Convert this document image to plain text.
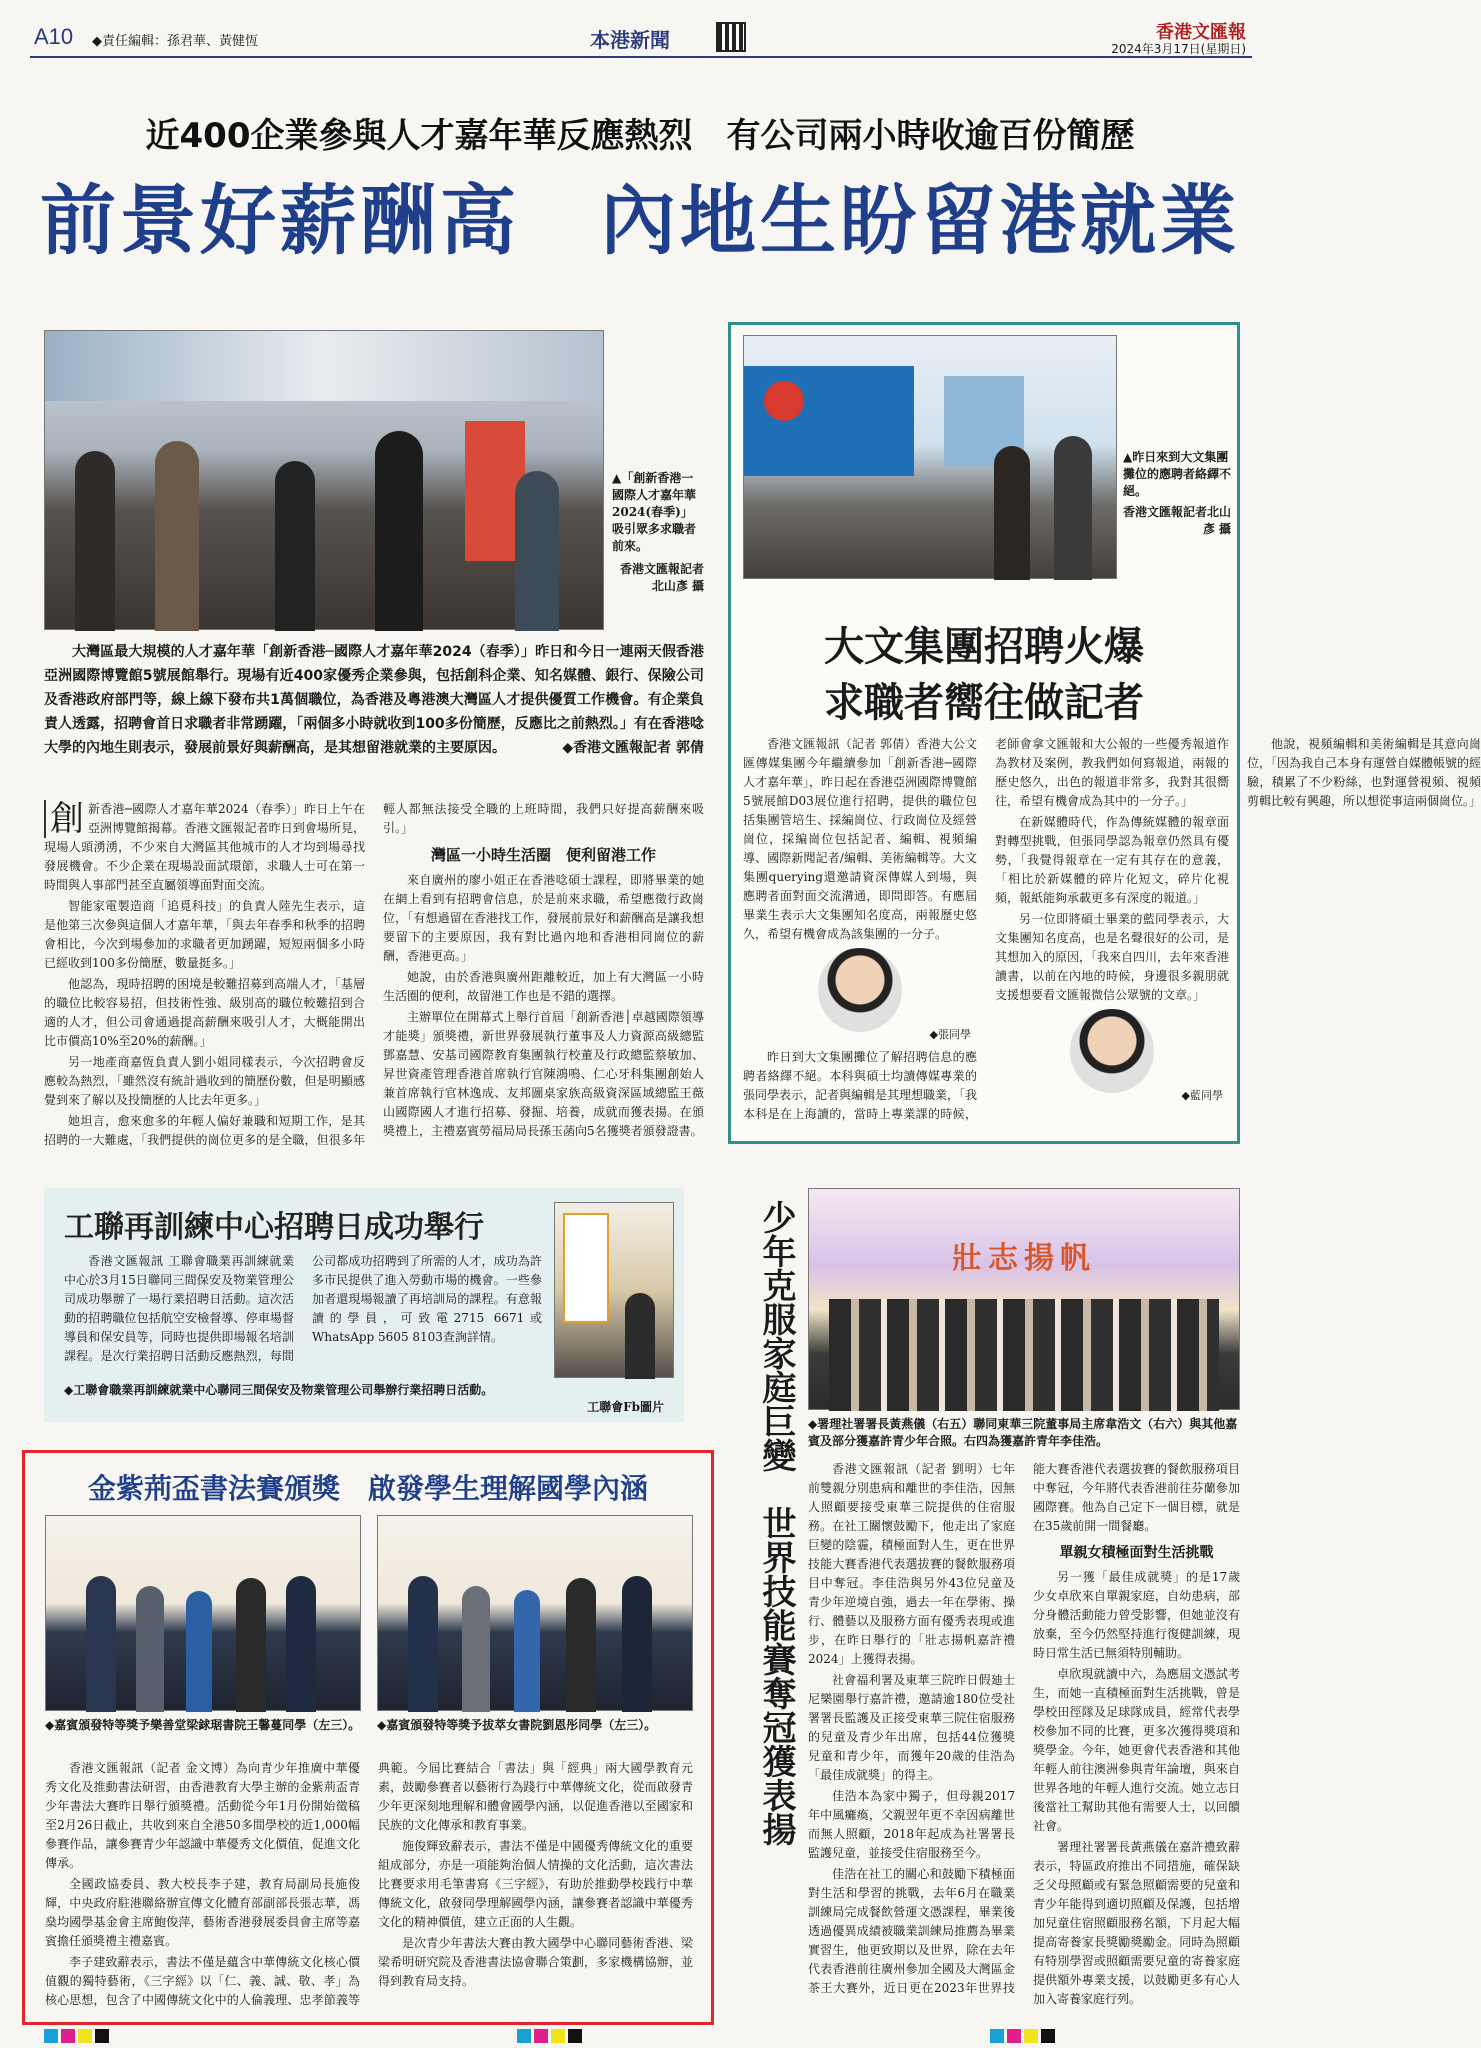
A10 ◆責任編輯：孫君華、黃健恆	本港新聞	香港文匯報
2024年3月17日(星期日)
近400企業參與人才嘉年華反應熱烈　有公司兩小時收逾百份簡歷
前景好薪酬高　內地生盼留港就業
▲「創新香港一國際人才嘉年華2024(春季)」吸引眾多求職者前來。
香港文匯報記者北山彥 攝
大灣區最大規模的人才嘉年華「創新香港─國際人才嘉年華2024（春季）」昨日和今日一連兩天假香港亞洲國際博覽館5號展館舉行。現場有近400家優秀企業參與，包括創科企業、知名媒體、銀行、保險公司及香港政府部門等，線上線下發布共1萬個職位，為香港及粵港澳大灣區人才提供優質工作機會。有企業負責人透露，招聘會首日求職者非常踴躍，「兩個多小時就收到100多份簡歷，反應比之前熱烈。」有在香港唸大學的內地生則表示，發展前景好與薪酬高，是其想留港就業的主要原因。	◆香港文匯報記者 郭倩

創 新香港─國際人才嘉年華2024（春季）」昨日上午在亞洲博覽館揭幕。香港文匯報記者昨日到會場所見，現場人頭湧湧，不少來自大灣區其他城市的人才均到場尋找發展機會。不少企業在現場設面試環節，求職人士可在第一時間與人事部門甚至直屬領導面對面交流。

智能家電製造商「追覓科技」的負責人陸先生表示，這是他第三次參與這個人才嘉年華，「與去年春季和秋季的招聘會相比，今次到場參加的求職者更加踴躍，短短兩個多小時已經收到100多份簡歷，數量挺多。」

他認為，現時招聘的困境是較難招募到高端人才，「基層的職位比較容易招，但技術性強、級別高的職位較難招到合適的人才，但公司會通過提高薪酬來吸引人才，大概能開出比市價高10%至20%的薪酬。」

另一地產商嘉恆負責人劉小姐同樣表示，今次招聘會反應較為熱烈，「雖然沒有統計過收到的簡歷份數，但是明顯感覺到來了解以及投簡歷的人比去年更多。」

她坦言，愈來愈多的年輕人偏好兼職和短期工作，是其招聘的一大難處，「我們提供的崗位更多的是全職，但很多年輕人都無法接受全職的上班時間，我們只好提高薪酬來吸引。」

灣區一小時生活圈　便利留港工作

來自廣州的廖小姐正在香港唸碩士課程，即將畢業的她在網上看到有招聘會信息，於是前來求職，希望應徵行政崗位，「有想過留在香港找工作，發展前景好和薪酬高是讓我想要留下的主要原因，我有對比過內地和香港相同崗位的薪酬，香港更高。」

她說，由於香港與廣州距離較近，加上有大灣區一小時生活圈的便利，故留港工作也是不錯的選擇。

主辦單位在開幕式上舉行首屆「創新香港│卓越國際領導才能獎」頒獎禮，新世界發展執行董事及人力資源高級總監鄧嘉慧、安基司國際教育集團執行校董及行政總監蔡敏加、昇世資產管理香港首席執行官陳鴻鳴、仁心牙科集團創始人兼首席執行官林逸成、友邦圖桌家族高級資深區域總監王薇山國際國人才進行招募、發掘、培養，成就而獲表揚。在頒獎禮上，主禮嘉賓勞福局局長孫玉菡向5名獲獎者頒發證書。

▲昨日來到大文集團攤位的應聘者絡繹不絕。
香港文匯報記者北山彥 攝
大文集團招聘火爆
求職者嚮往做記者

香港文匯報訊（記者 郭倩）香港大公文匯傳媒集團今年繼續參加「創新香港─國際人才嘉年華」，昨日起在香港亞洲國際博覽館5號展館D03展位進行招聘，提供的職位包括集團管培生、採編崗位、行政崗位及經營崗位，採編崗位包括記者、編輯、視頻編導、國際新聞記者/編輯、美術編輯等。大文集團querying還邀請資深傳媒人到場，與應聘者面對面交流溝通，即問即答。有應屆畢業生表示大文集團知名度高，兩報歷史悠久，希望有機會成為該集團的一分子。

◆張同學

昨日到大文集團攤位了解招聘信息的應聘者絡繹不絕。本科與碩士均讀傳媒專業的張同學表示，記者與編輯是其理想職業，「我本科是在上海讀的，當時上專業課的時候，老師會拿文匯報和大公報的一些優秀報道作為教材及案例，教我們如何寫報道，兩報的歷史悠久，出色的報道非常多，我對其很嚮往，希望有機會成為其中的一分子。」

在新媒體時代，作為傳統媒體的報章面對轉型挑戰，但張同學認為報章仍然具有優勢，「我覺得報章在一定有其存在的意義，「相比於新媒體的碎片化短文，碎片化視頻，報紙能夠承載更多有深度的報道。」

另一位即將碩士畢業的藍同學表示，大文集團知名度高，也是名聲很好的公司，是其想加入的原因，「我來自四川，去年來香港讀書，以前在內地的時候，身邊很多親朋就支援想要看文匯報微信公眾號的文章。」

◆藍同學

他說，視頻編輯和美術編輯是其意向崗位，「因為我自己本身有運營自媒體帳號的經驗，積累了不少粉絲，也對運營視頻、視頻剪輯比較有興趣，所以想從事這兩個崗位。」

工聯再訓練中心招聘日成功舉行

香港文匯報訊 工聯會職業再訓練就業中心於3月15日聯同三間保安及物業管理公司成功舉辦了一場行業招聘日活動。這次活動的招聘職位包括航空安檢督導、停車場督導員和保安員等，同時也提供即場報名培訓課程。是次行業招聘日活動反應熱烈，每間公司都成功招聘到了所需的人才，成功為許多市民提供了進入勞動市場的機會。一些參加者還現場報讀了再培訓局的課程。有意報讀的學員，可致電2715 6671或WhatsApp 5605 8103查詢詳情。

◆工聯會職業再訓練就業中心聯同三間保安及物業管理公司舉辦行業招聘日活動。
工聯會Fb圖片
金紫荊盃書法賽頒獎　啟發學生理解國學內涵
◆嘉賓頒發特等獎予樂善堂梁銶琚書院王馨蔓同學（左三）。 ◆嘉賓頒發特等獎予拔萃女書院劉恩彤同學（左三）。

香港文匯報訊（記者 金文博）為向青少年推廣中華優秀文化及推動書法研習，由香港教育大學主辦的金紫荊盃青少年書法大賽昨日舉行頒獎禮。活動從今年1月份開始徵稿至2月26日截止，共收到來自全港50多間學校的近1,000幅參賽作品，讓參賽青少年認識中華優秀文化價值，促進文化傳承。

全國政協委員、教大校長李子建，教育局副局長施俊輝，中央政府駐港聯絡辦宣傳文化體育部副部長張志華，馮燊均國學基金會主席鮑俊萍，藝術香港發展委員會主席等嘉賓擔任頒獎禮主禮嘉賓。

李子建致辭表示，書法不僅是蘊含中華傳統文化核心價值觀的獨特藝術，《三字經》以「仁、義、誠、敬、孝」為核心思想，包含了中國傳統文化中的人倫義理、忠孝節義等典範。今屆比賽結合「書法」與「經典」兩大國學教育元素，鼓勵參賽者以藝術行為踐行中華傳統文化，從而啟發青少年更深刻地理解和體會國學內涵，以促進香港以至國家和民族的文化傳承和教育事業。

施俊輝致辭表示，書法不僅是中國優秀傳統文化的重要組成部分，亦是一項能夠治個人情操的文化活動，這次書法比賽要求用毛筆書寫《三字經》，有助於推動學校践行中華傳統文化，啟發同學理解國學內涵，讓參賽者認識中華優秀文化的精神價值，建立正面的人生觀。

是次青少年書法大賽由教大國學中心聯同藝術香港、梁梁希明研究院及香港書法協會聯合策劃，多家機構協辦，並得到教育局支持。

少年克服家庭巨變　世界技能賽奪冠獲表揚	壯志揚帆
◆署理社署署長黃燕儀（右五）聯同東華三院董事局主席韋浩文（右六）與其他嘉賓及部分獲嘉許青少年合照。右四為獲嘉許青年李佳浩。

香港文匯報訊（記者 劉明）七年前雙親分別患病和離世的李佳浩，因無人照顧要接受東華三院提供的住宿服務。在社工關懷鼓勵下，他走出了家庭巨變的陰霾，積極面對人生，更在世界技能大賽香港代表選拔賽的餐飲服務項目中奪冠。李佳浩與另外43位兒童及青少年逆境自強，過去一年在學術、操行、體藝以及服務方面有優秀表現或進步，在昨日舉行的「壯志揚帆嘉許禮2024」上獲得表揚。

社會福利署及東華三院昨日假廸士尼樂園舉行嘉許禮，邀請逾180位受社署署長監護及正接受東華三院住宿服務的兒童及青少年出席，包括44位獲獎兒童和青少年，而獲年20歲的佳浩為「最佳成就獎」的得主。

佳浩本為家中獨子，但母親2017年中風癱瘓，父親翌年更不幸因病離世而無人照顧，2018年起成為社署署長監護兒童，並接受住宿服務至今。

佳浩在社工的關心和鼓勵下積極面對生活和學習的挑戰，去年6月在職業訓練局完成餐飲營運文憑課程，畢業後透過優異成績被職業訓練局推薦為畢業實習生，他更致期以及世界，除在去年代表香港前往廣州參加全國及大灣區金茶王大賽外，近日更在2023年世界技能大賽香港代表選拔賽的餐飲服務項目中奪冠，今年將代表香港前往芬蘭參加國際賽。他為自己定下一個目標，就是在35歲前開一間餐廳。

單親女積極面對生活挑戰

另一獲「最佳成就獎」的是17歲少女卓欣來自單親家庭，自幼患病，部分身體活動能力曾受影響，但她並沒有放棄，至今仍然堅持進行復健訓練，現時日常生活已無須特別輔助。

卓欣現就讀中六，為應屆文憑試考生，而她一直積極面對生活挑戰，曾是學校田徑隊及足球隊成員，經常代表學校參加不同的比賽，更多次獲得獎項和獎學金。今年，她更會代表香港和其他年輕人前往澳洲參與青年論壇，與來自世界各地的年輕人進行交流。她立志日後當社工幫助其他有需要人士，以回饋社會。

署理社署署長黃燕儀在嘉許禮致辭表示，特區政府推出不同措施，確保缺乏父母照顧或有緊急照顧需要的兒童和青少年能得到適切照顧及保護，包括增加兒童住宿照顧服務名額，下月起大幅提高寄養家長獎勵獎勵金。同時為照顧有特別學習或照顧需要兒童的寄養家庭提供額外專業支援，以鼓勵更多有心人加入寄養家庭行列。
